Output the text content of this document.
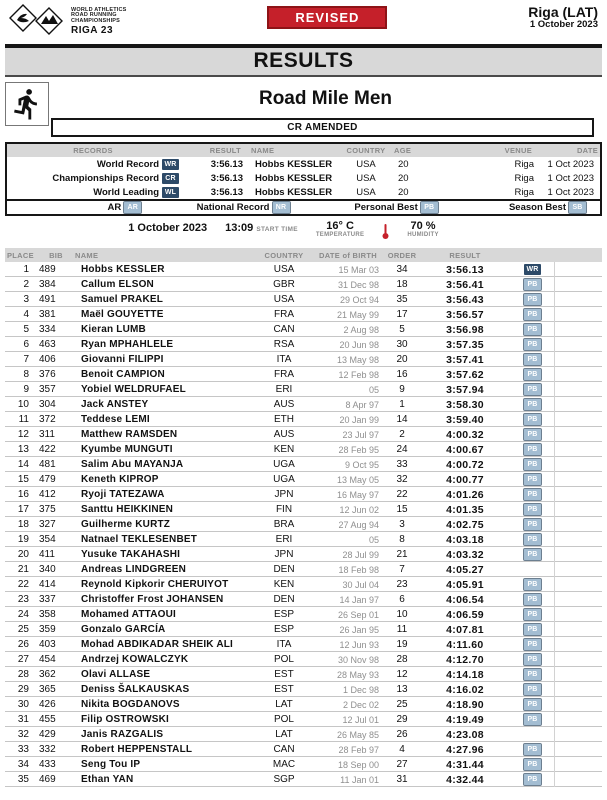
WORLD ATHLETICS
ROAD RUNNING
CHAMPIONSHIPS
RIGA 23
REVISED	Riga (LAT)
1 October 2023
RESULTS
Road Mile Men
CR AMENDED
RECORDS	RESULT NAME	COUNTRY	AGE	VENUE	DATE
World Record WR	3:56.13	Hobbs KESSLER	USA	20	Riga	1 Oct 2023
Championships Record CR	3:56.13	Hobbs KESSLER	USA	20	Riga	1 Oct 2023
World Leading WL	3:56.13	Hobbs KESSLER	USA	20	Riga	1 Oct 2023
AR AR	National Record NR	Personal Best PB	Season Best SB
1 October 2023 13:09 START TIME	16° C
TEMPERATURE
70 %
HUMIDITY
PLACE	BIB	NAME	COUNTRY	DATE of BIRTH	ORDER	RESULT
1	489	Hobbs KESSLER	USA	15 Mar 03	34	3:56.13	WR
2	384	Callum ELSON	GBR	31 Dec 98	18	3:56.41	PB
3	491	Samuel PRAKEL	USA	29 Oct 94	35	3:56.43	PB
4	381	Maël GOUYETTE	FRA	21 May 99	17	3:56.57	PB
5	334	Kieran LUMB	CAN	2 Aug 98	5	3:56.98	PB
6	463	Ryan MPHAHLELE	RSA	20 Jun 98	30	3:57.35	PB
7	406	Giovanni FILIPPI	ITA	13 May 98	20	3:57.41	PB
8	376	Benoit CAMPION	FRA	12 Feb 98	16	3:57.62	PB
9	357	Yobiel WELDRUFAEL	ERI	05	9	3:57.94	PB
10	304	Jack ANSTEY	AUS	8 Apr 97	1	3:58.30	PB
11	372	Teddese LEMI	ETH	20 Jan 99	14	3:59.40	PB
12	311	Matthew RAMSDEN	AUS	23 Jul 97	2	4:00.32	PB
13	422	Kyumbe MUNGUTI	KEN	28 Feb 95	24	4:00.67	PB
14	481	Salim Abu MAYANJA	UGA	9 Oct 95	33	4:00.72	PB
15	479	Keneth KIPROP	UGA	13 May 05	32	4:00.77	PB
16	412	Ryoji TATEZAWA	JPN	16 May 97	22	4:01.26	PB
17	375	Santtu HEIKKINEN	FIN	12 Jun 02	15	4:01.35	PB
18	327	Guilherme KURTZ	BRA	27 Aug 94	3	4:02.75	PB
19	354	Natnael TEKLESENBET	ERI	05	8	4:03.18	PB
20	411	Yusuke TAKAHASHI	JPN	28 Jul 99	21	4:03.32	PB
21	340	Andreas LINDGREEN	DEN	18 Feb 98	7	4:05.27
22	414	Reynold Kipkorir CHERUIYOT	KEN	30 Jul 04	23	4:05.91	PB
23	337	Christoffer Frost JOHANSEN	DEN	14 Jan 97	6	4:06.54	PB
24	358	Mohamed ATTAOUI	ESP	26 Sep 01	10	4:06.59	PB
25	359	Gonzalo GARCÍA	ESP	26 Jan 95	11	4:07.81	PB
26	403	Mohad ABDIKADAR SHEIK ALI	ITA	12 Jun 93	19	4:11.60	PB
27	454	Andrzej KOWALCZYK	POL	30 Nov 98	28	4:12.70	PB
28	362	Olavi ALLASE	EST	28 May 93	12	4:14.18	PB
29	365	Deniss ŠALKAUSKAS	EST	1 Dec 98	13	4:16.02	PB
30	426	Nikita BOGDANOVS	LAT	2 Dec 02	25	4:18.90	PB
31	455	Filip OSTROWSKI	POL	12 Jul 01	29	4:19.49	PB
32	429	Janis RAZGALIS	LAT	26 May 85	26	4:23.08
33	332	Robert HEPPENSTALL	CAN	28 Feb 97	4	4:27.96	PB
34	433	Seng Tou IP	MAC	18 Sep 00	27	4:31.44	PB
35	469	Ethan YAN	SGP	11 Jan 01	31	4:32.44	PB
